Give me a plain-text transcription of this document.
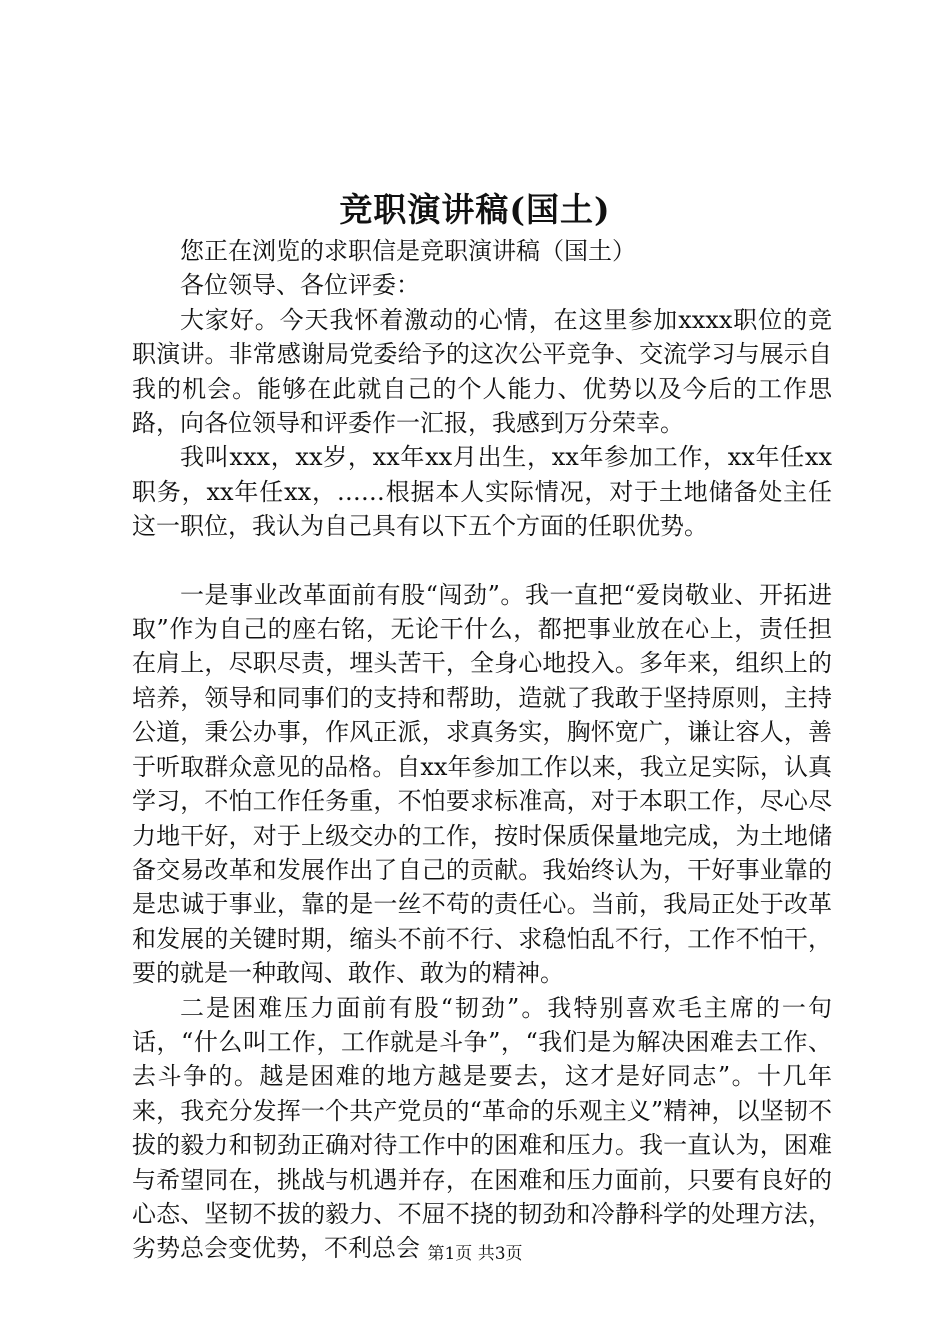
竞职演讲稿(国土)

您正在浏览的求职信是竞职演讲稿（国土）

各位领导、各位评委：

大家好。今天我怀着激动的心情，在这里参加xxxx职位的竞职演讲。非常感谢局党委给予的这次公平竞争、交流学习与展示自我的机会。能够在此就自己的个人能力、优势以及今后的工作思路，向各位领导和评委作一汇报，我感到万分荣幸。

我叫xxx，xx岁，xx年xx月出生，xx年参加工作，xx年任xx职务，xx年任xx，……根据本人实际情况，对于土地储备处主任这一职位，我认为自己具有以下五个方面的任职优势。

一是事业改革面前有股“闯劲”。我一直把“爱岗敬业、开拓进取”作为自己的座右铭，无论干什么，都把事业放在心上，责任担在肩上，尽职尽责，埋头苦干，全身心地投入。多年来，组织上的培养，领导和同事们的支持和帮助，造就了我敢于坚持原则，主持公道，秉公办事，作风正派，求真务实，胸怀宽广，谦让容人，善于听取群众意见的品格。自xx年参加工作以来，我立足实际，认真学习，不怕工作任务重，不怕要求标准高，对于本职工作，尽心尽力地干好，对于上级交办的工作，按时保质保量地完成，为土地储备交易改革和发展作出了自己的贡献。我始终认为，干好事业靠的是忠诚于事业，靠的是一丝不苟的责任心。当前，我局正处于改革和发展的关键时期，缩头不前不行、求稳怕乱不行，工作不怕干，要的就是一种敢闯、敢作、敢为的精神。

二是困难压力面前有股“韧劲”。我特别喜欢毛主席的一句话，“什么叫工作，工作就是斗争”，“我们是为解决困难去工作、去斗争的。越是困难的地方越是要去，这才是好同志”。十几年来，我充分发挥一个共产党员的“革命的乐观主义”精神，以坚韧不拔的毅力和韧劲正确对待工作中的困难和压力。我一直认为，困难与希望同在，挑战与机遇并存，在困难和压力面前，只要有良好的心态、坚韧不拔的毅力、不屈不挠的韧劲和冷静科学的处理方法，劣势总会变优势，不利总会 第1页 共3页
